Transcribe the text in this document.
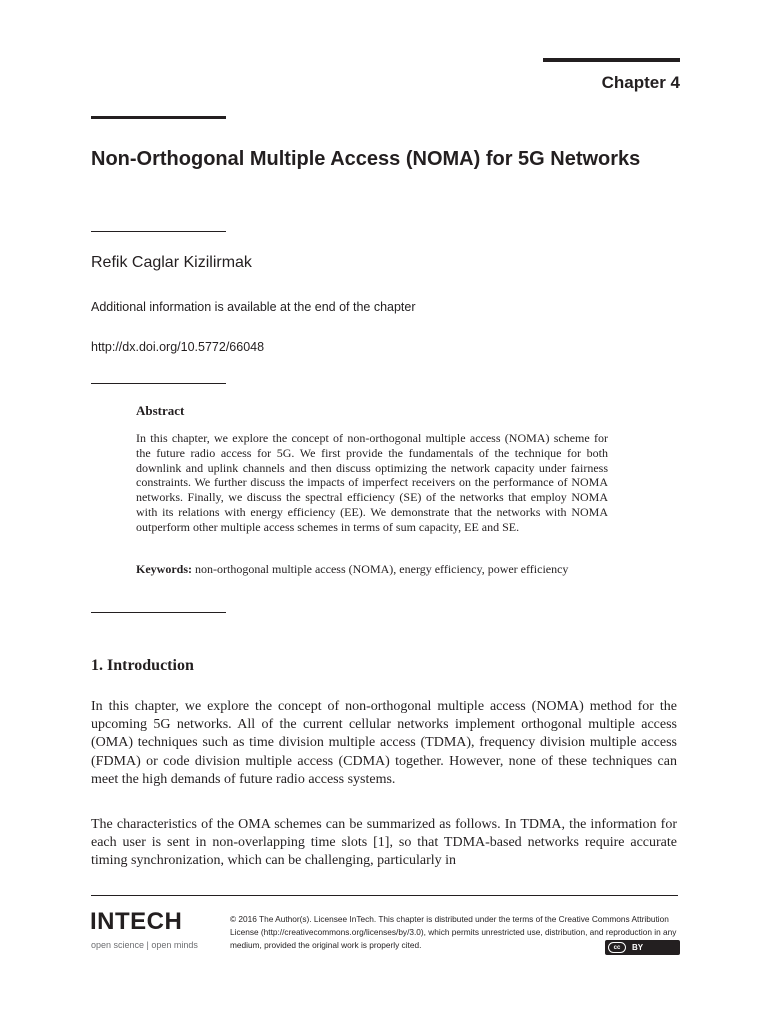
Chapter 4
Non-Orthogonal Multiple Access (NOMA) for 5G Networks
Refik Caglar Kizilirmak
Additional information is available at the end of the chapter
http://dx.doi.org/10.5772/66048
Abstract
In this chapter, we explore the concept of non-orthogonal multiple access (NOMA) scheme for the future radio access for 5G. We first provide the fundamentals of the technique for both downlink and uplink channels and then discuss optimizing the network capacity under fairness constraints. We further discuss the impacts of imperfect receivers on the performance of NOMA networks. Finally, we discuss the spectral efficiency (SE) of the networks that employ NOMA with its relations with energy efficiency (EE). We demonstrate that the networks with NOMA outperform other multiple access schemes in terms of sum capacity, EE and SE.
Keywords: non-orthogonal multiple access (NOMA), energy efficiency, power efficiency
1. Introduction
In this chapter, we explore the concept of non-orthogonal multiple access (NOMA) method for the upcoming 5G networks. All of the current cellular networks implement orthogonal multiple access (OMA) techniques such as time division multiple access (TDMA), frequency division multiple access (FDMA) or code division multiple access (CDMA) together. However, none of these techniques can meet the high demands of future radio access systems.
The characteristics of the OMA schemes can be summarized as follows. In TDMA, the information for each user is sent in non-overlapping time slots [1], so that TDMA-based networks require accurate timing synchronization, which can be challenging, particularly in
INTECH
open science | open minds
© 2016 The Author(s). Licensee InTech. This chapter is distributed under the terms of the Creative Commons Attribution License (http://creativecommons.org/licenses/by/3.0), which permits unrestricted use, distribution, and reproduction in any medium, provided the original work is properly cited.	cc	BY
